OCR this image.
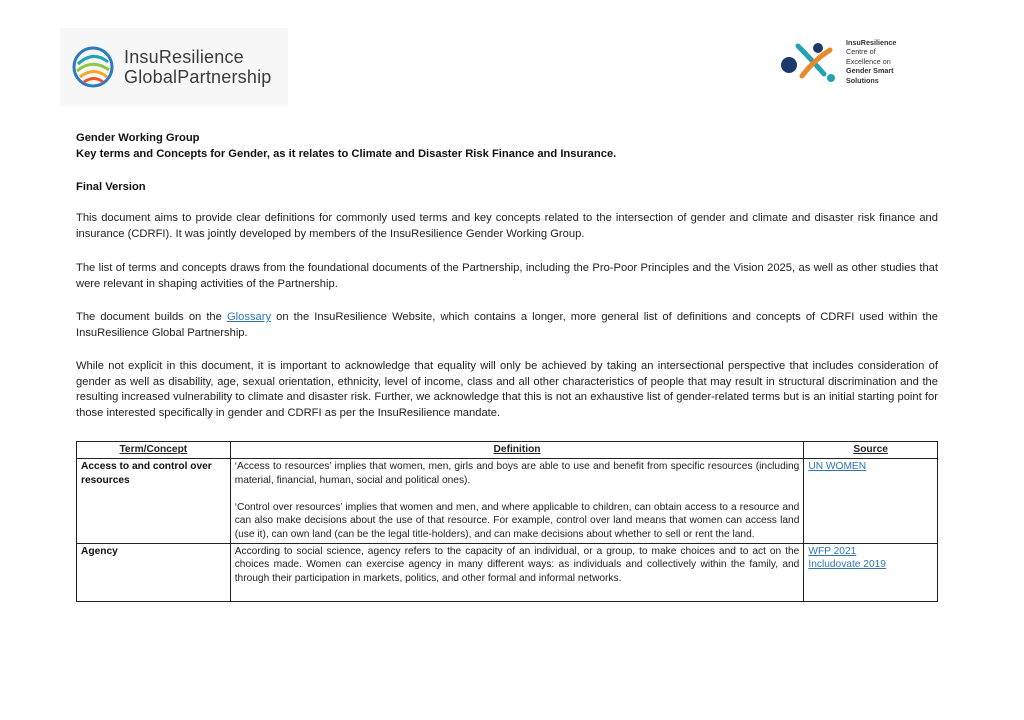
InsuResilience
GlobalPartnership
InsuResilience
Centre of
Excellence on
Gender Smart
Solutions
Gender Working Group
Key terms and Concepts for Gender, as it relates to Climate and Disaster Risk Finance and Insurance.
Final Version

This document aims to provide clear definitions for commonly used terms and key concepts related to the intersection of gender and climate and disaster risk finance and insurance (CDRFI). It was jointly developed by members of the InsuResilience Gender Working Group.

The list of terms and concepts draws from the foundational documents of the Partnership, including the Pro-Poor Principles and the Vision 2025, as well as other studies that were relevant in shaping activities of the Partnership.

The document builds on the Glossary on the InsuResilience Website, which contains a longer, more general list of definitions and concepts of CDRFI used within the InsuResilience Global Partnership.

While not explicit in this document, it is important to acknowledge that equality will only be achieved by taking an intersectional perspective that includes consideration of gender as well as disability, age, sexual orientation, ethnicity, level of income, class and all other characteristics of people that may result in structural discrimination and the resulting increased vulnerability to climate and disaster risk. Further, we acknowledge that this is not an exhaustive list of gender-related terms but is an initial starting point for those interested specifically in gender and CDRFI as per the InsuResilience mandate.

Term/Concept	Definition	Source
Access to and control over resources	‘Access to resources’ implies that women, men, girls and boys are able to use and benefit from specific resources (including material, financial, human, social and political ones).

‘Control over resources’ implies that women and men, and where applicable to children, can obtain access to a resource and can also make decisions about the use of that resource. For example, control over land means that women can access land (use it), can own land (can be the legal title-holders), and can make decisions about whether to sell or rent the land.	UN WOMEN
Agency	According to social science, agency refers to the capacity of an individual, or a group, to make choices and to act on the choices made. Women can exercise agency in many different ways: as individuals and collectively within the family, and through their participation in markets, politics, and other formal and informal networks.	WFP 2021
Includovate 2019
